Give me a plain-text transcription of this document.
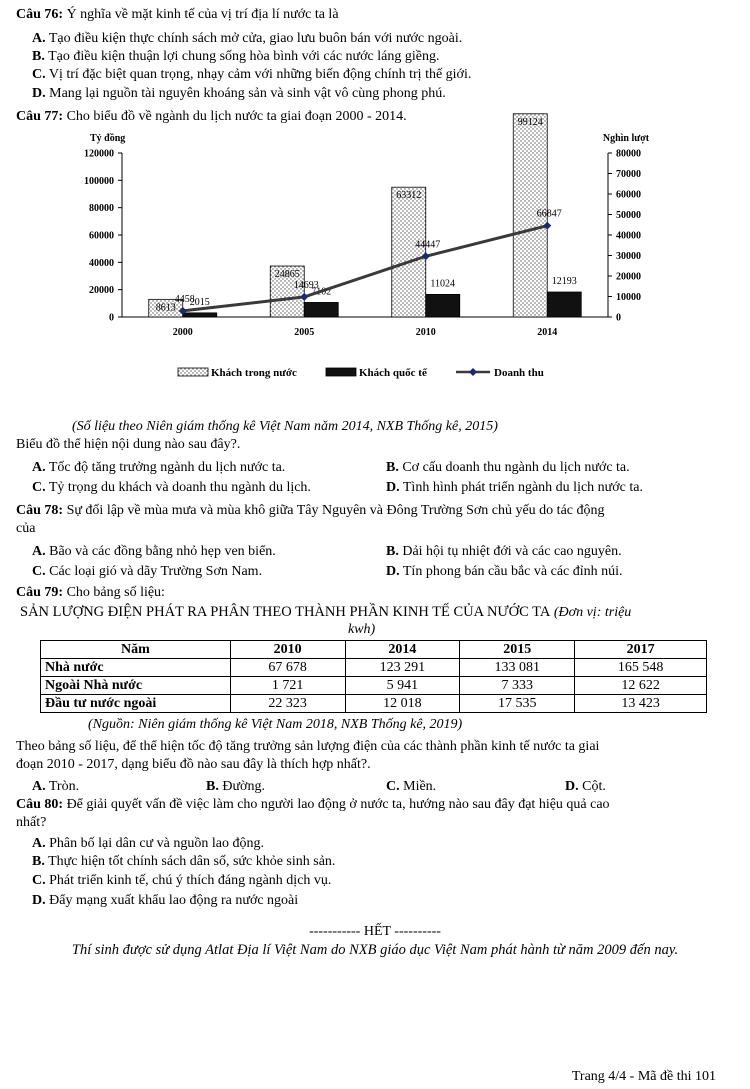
Câu 76: Ý nghĩa về mặt kinh tế của vị trí địa lí nước ta là
A. Tạo điều kiện thực chính sách mở cửa, giao lưu buôn bán với nước ngoài.
B. Tạo điều kiện thuận lợi chung sống hòa bình với các nước láng giềng.
C. Vị trí đặc biệt quan trọng, nhạy cảm với những biến động chính trị thế giới.
D. Mang lại nguồn tài nguyên khoáng sản và sinh vật vô cùng phong phú.
Câu 77: Cho biểu đồ về ngành du lịch nước ta giai đoạn 2000 - 2014.
Tỷ đồng	Nghìn lượt
0
20000
40000
60000
80000
100000
120000
0
10000
20000
30000
40000
50000
60000
70000
80000
2000	2005	2010	2014
8613
24865
63312
99124
2015
7102
11024	12193
4458
14693
44447
66847
Khách trong nước	Khách quốc tế	Doanh thu
(Số liệu theo Niên giám thống kê Việt Nam năm 2014, NXB Thống kê, 2015)
Biểu đồ thể hiện nội dung nào sau đây?.
A. Tốc độ tăng trưởng ngành du lịch nước ta.	B. Cơ cấu doanh thu ngành du lịch nước ta.
C. Tỷ trọng du khách và doanh thu ngành du lịch.	D. Tình hình phát triển ngành du lịch nước ta.
Câu 78: Sự đối lập về mùa mưa và mùa khô giữa Tây Nguyên và Đông Trường Sơn chủ yếu do tác động
của
A. Bão và các đồng bằng nhỏ hẹp ven biển.	B. Dải hội tụ nhiệt đới và các cao nguyên.
C. Các loại gió và dãy Trường Sơn Nam.	D. Tín phong bán cầu bắc và các đỉnh núi.
Câu 79: Cho bảng số liệu:
SẢN LƯỢNG ĐIỆN PHÁT RA PHÂN THEO THÀNH PHẦN KINH TẾ CỦA NƯỚC TA (Đơn vị: triệu
kwh)
Năm	2010	2014	2015	2017
Nhà nước	67 678	123 291	133 081	165 548
Ngoài Nhà nước	1 721	5 941	7 333	12 622
Đầu tư nước ngoài	22 323	12 018	17 535	13 423
(Nguồn: Niên giám thống kê Việt Nam 2018, NXB Thống kê, 2019)
Theo bảng số liệu, để thể hiện tốc độ tăng trưởng sản lượng điện của các thành phần kinh tế nước ta giai
đoạn 2010 - 2017, dạng biểu đồ nào sau đây là thích hợp nhất?.
A. Tròn.	B. Đường.	C. Miền.	D. Cột.
Câu 80: Để giải quyết vấn đề việc làm cho người lao động ở nước ta, hướng nào sau đây đạt hiệu quả cao
nhất?
A. Phân bố lại dân cư và nguồn lao động.
B. Thực hiện tốt chính sách dân số, sức khỏe sinh sản.
C. Phát triển kinh tế, chú ý thích đáng ngành dịch vụ.
D. Đẩy mạng xuất khẩu lao động ra nước ngoài
----------- HẾT ----------
Thí sinh được sử dụng Atlat Địa lí Việt Nam do NXB giáo dục Việt Nam phát hành từ năm 2009 đến nay.
Trang 4/4 - Mã đề thi 101
